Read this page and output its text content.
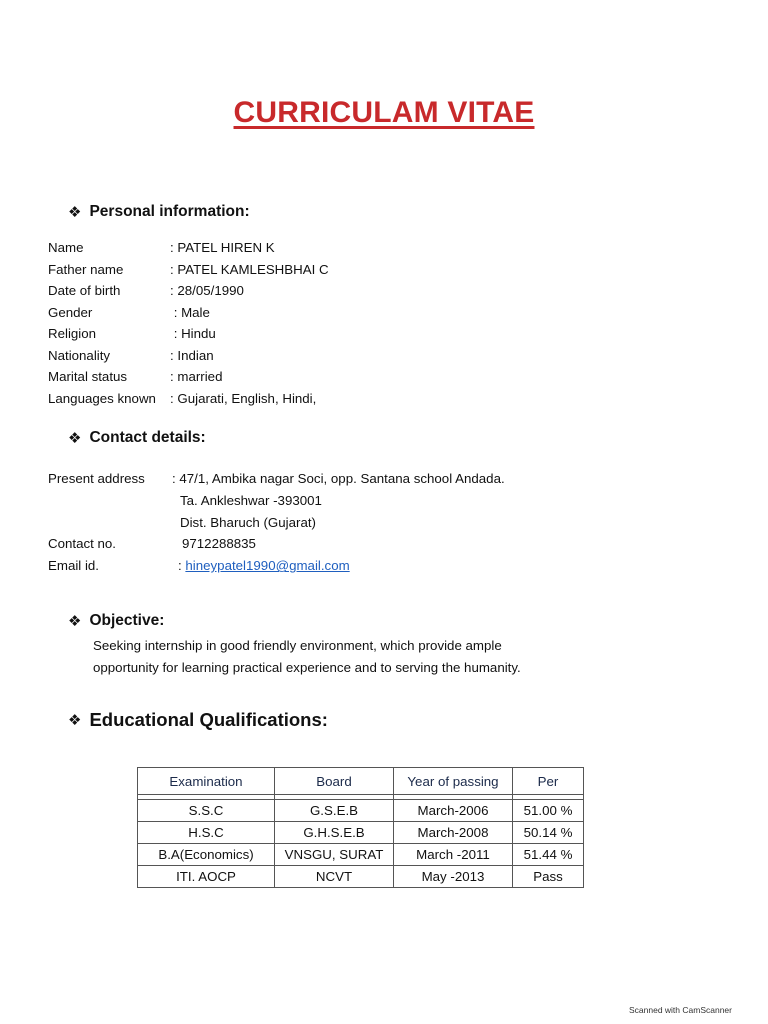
CURRICULAM VITAE
❖ Personal information:
Name	: PATEL HIREN K
Father name	: PATEL KAMLESHBHAI C
Date of birth	: 28/05/1990
Gender	: Male
Religion	: Hindu
Nationality	: Indian
Marital status	: married
Languages known	: Gujarati, English, Hindi,
❖ Contact details:
Present address	: 47/1, Ambika nagar Soci, opp. Santana school Andada.
Ta. Ankleshwar -393001
Dist. Bharuch (Gujarat)
Contact no.	9712288835
Email id.	: hineypatel1990@gmail.com
❖ Objective:
Seeking internship in good friendly environment, which provide ample
opportunity for learning practical experience and to serving the humanity.
❖ Educational Qualifications:
Examination	Board	Year of passing	Per

S.S.C	G.S.E.B	March-2006	51.00 %
H.S.C	G.H.S.E.B	March-2008	50.14 %
B.A(Economics)	VNSGU, SURAT	March -2011	51.44 %
ITI. AOCP	NCVT	May -2013	Pass
Scanned with CamScanner
